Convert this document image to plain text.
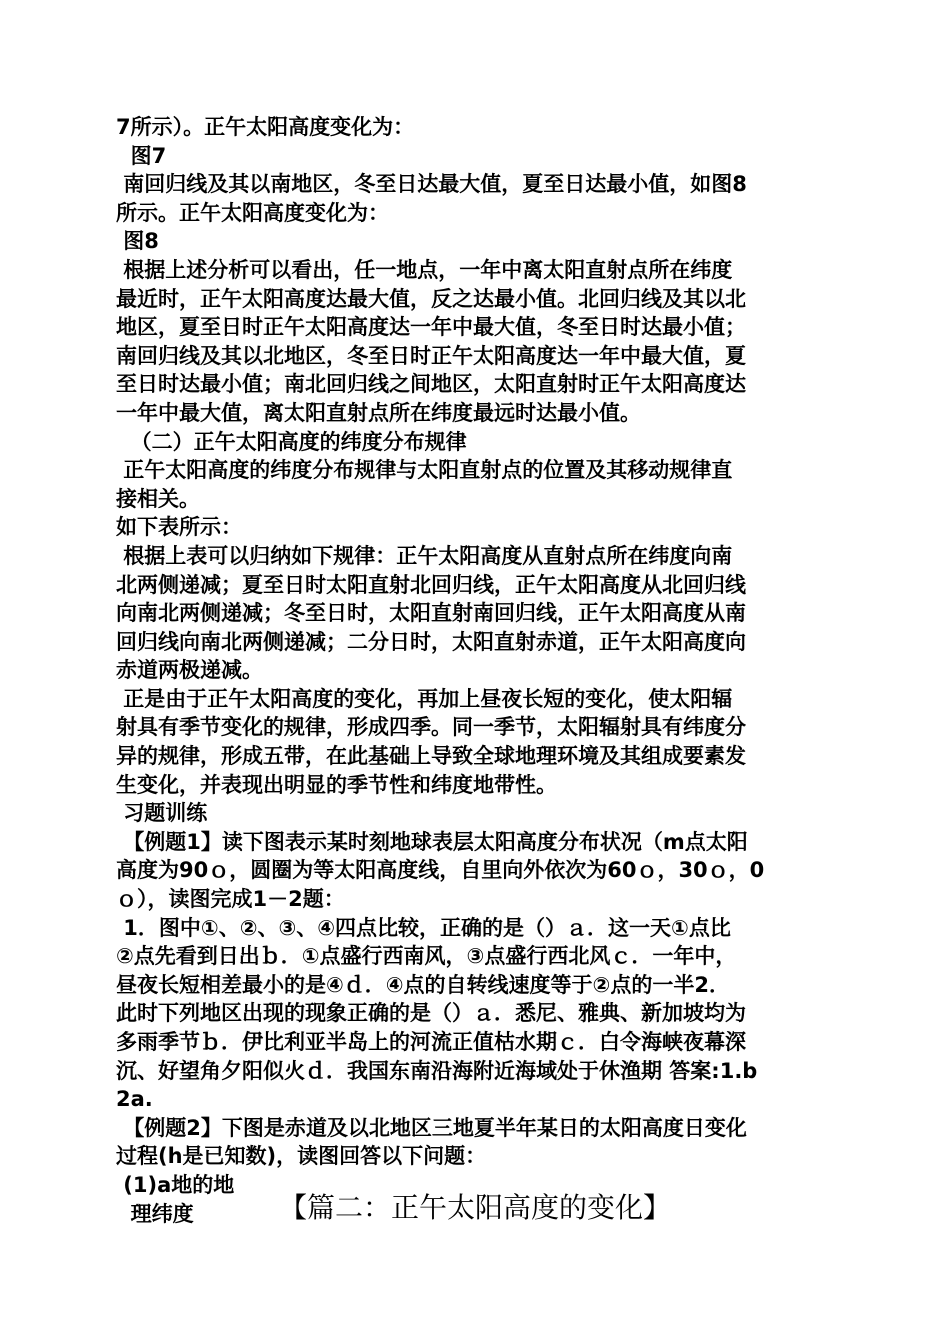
7所示）。正午太阳高度变化为：
图7
南回归线及其以南地区，冬至日达最大值，夏至日达最小值，如图8
所示。正午太阳高度变化为：
图8
根据上述分析可以看出，任一地点，一年中离太阳直射点所在纬度
最近时，正午太阳高度达最大值，反之达最小值。北回归线及其以北
地区，夏至日时正午太阳高度达一年中最大值，冬至日时达最小值；
南回归线及其以北地区，冬至日时正午太阳高度达一年中最大值，夏
至日时达最小值；南北回归线之间地区，太阳直射时正午太阳高度达
一年中最大值，离太阳直射点所在纬度最远时达最小值。
（二）正午太阳高度的纬度分布规律
正午太阳高度的纬度分布规律与太阳直射点的位置及其移动规律直
接相关。
如下表所示：
根据上表可以归纳如下规律：正午太阳高度从直射点所在纬度向南
北两侧递减；夏至日时太阳直射北回归线，正午太阳高度从北回归线
向南北两侧递减；冬至日时，太阳直射南回归线，正午太阳高度从南
回归线向南北两侧递减；二分日时，太阳直射赤道，正午太阳高度向
赤道两极递减。
正是由于正午太阳高度的变化，再加上昼夜长短的变化，使太阳辐
射具有季节变化的规律，形成四季。同一季节，太阳辐射具有纬度分
异的规律，形成五带，在此基础上导致全球地理环境及其组成要素发
生变化，并表现出明显的季节性和纬度地带性。
习题训练
【例题1】读下图表示某时刻地球表层太阳高度分布状况（m点太阳
高度为90ｏ，圆圈为等太阳高度线，自里向外依次为60ｏ，30ｏ，0
ｏ），读图完成1－2题：
1．图中①、②、③、④四点比较，正确的是（）ａ．这一天①点比
②点先看到日出ｂ．①点盛行西南风，③点盛行西北风ｃ．一年中，
昼夜长短相差最小的是④ｄ．④点的自转线速度等于②点的一半2．
此时下列地区出现的现象正确的是（）ａ．悉尼、雅典、新加坡均为
多雨季节ｂ．伊比利亚半岛上的河流正值枯水期ｃ．白令海峡夜幕深
沉、好望角夕阳似火ｄ．我国东南沿海附近海域处于休渔期 答案:1.b
2a.
【例题2】下图是赤道及以北地区三地夏半年某日的太阳高度日变化
过程(h是已知数)，读图回答以下问题：
(1)a地的地
理纬度	【篇二：正午太阳高度的变化】
